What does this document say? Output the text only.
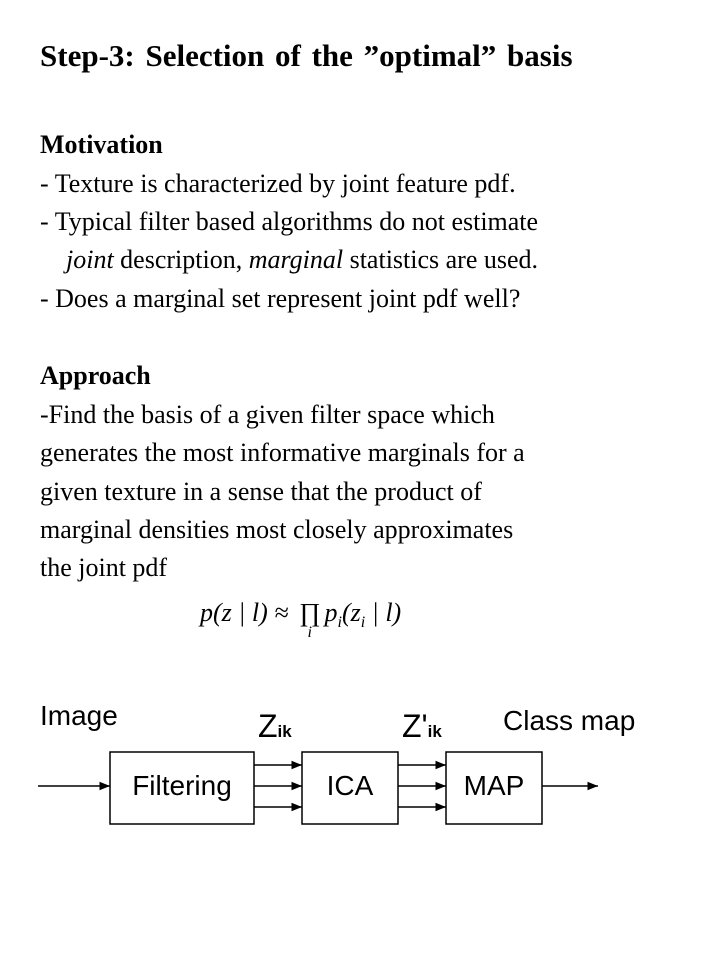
Step-3: Selection of the ”optimal” basis
Motivation
- Texture is characterized by joint feature pdf.
- Typical filter based algorithms do not estimate
joint description, marginal statistics are used.
- Does a marginal set represent joint pdf well?
Approach
-Find the basis of a given filter space which
generates the most informative marginals for a
given texture in a sense that the product of
marginal densities most closely approximates
the joint pdf
p(z | l) ≈ ∏
i
$p_i(z_i$ | l)
Image	Class map
Zik	Z'ik
Filtering	ICA	MAP
